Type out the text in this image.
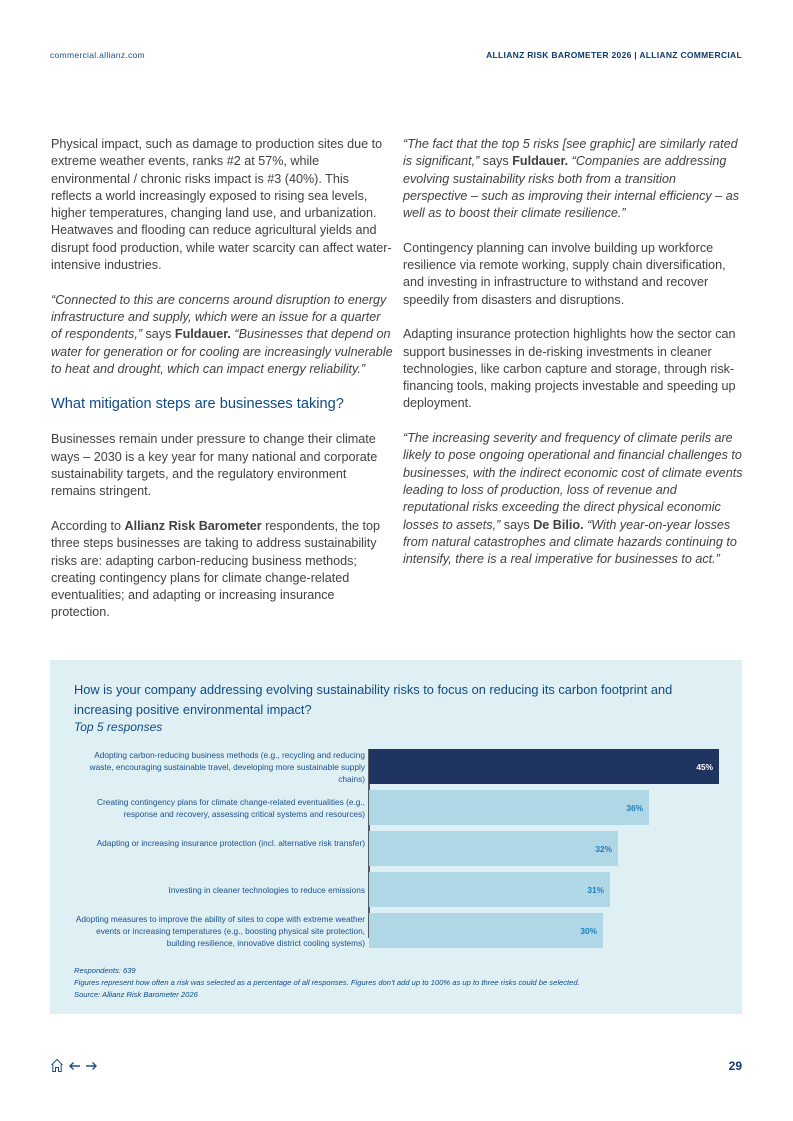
commercial.allianz.com	ALLIANZ RISK BAROMETER 2026 | ALLIANZ COMMERCIAL

Physical impact, such as damage to production sites due to extreme weather events, ranks #2 at 57%, while environmental / chronic risks impact is #3 (40%). This reflects a world increasingly exposed to rising sea levels, higher temperatures, changing land use, and urbanization. Heatwaves and flooding can reduce agricultural yields and disrupt food production, while water scarcity can affect water-intensive industries.

“Connected to this are concerns around disruption to energy infrastructure and supply, which were an issue for a quarter of respondents,” says Fuldauer. “Businesses that depend on water for generation or for cooling are increasingly vulnerable to heat and drought, which can impact energy reliability.”

What mitigation steps are businesses taking?

Businesses remain under pressure to change their climate ways – 2030 is a key year for many national and corporate sustainability targets, and the regulatory environment remains stringent.

According to Allianz Risk Barometer respondents, the top three steps businesses are taking to address sustainability risks are: adapting carbon-reducing business methods; creating contingency plans for climate change-related eventualities; and adapting or increasing insurance protection.

“The fact that the top 5 risks [see graphic] are similarly rated is significant,” says Fuldauer. “Companies are addressing evolving sustainability risks both from a transition perspective – such as improving their internal efficiency – as well as to boost their climate resilience.”

Contingency planning can involve building up workforce resilience via remote working, supply chain diversification, and investing in infrastructure to withstand and recover speedily from disasters and disruptions.

Adapting insurance protection highlights how the sector can support businesses in de-risking investments in cleaner technologies, like carbon capture and storage, through risk-financing tools, making projects investable and speeding up deployment.

“The increasing severity and frequency of climate perils are likely to pose ongoing operational and financial challenges to businesses, with the indirect economic cost of climate events leading to loss of production, loss of revenue and reputational risks exceeding the direct physical economic losses to assets,” says De Bilio. “With year-on-year losses from natural catastrophes and climate hazards continuing to intensify, there is a real imperative for businesses to act.”

How is your company addressing evolving sustainability risks to focus on reducing its carbon footprint and increasing positive environmental impact?
Top 5 responses
Adopting carbon-reducing business methods (e.g., recycling and reducing waste, encouraging sustainable travel, developing more sustainable supply chains)
45%
Creating contingency plans for climate change-related eventualities (e.g., response and recovery, assessing critical systems and resources)
36%
Adapting or increasing insurance protection (incl. alternative risk transfer)
32%
Investing in cleaner technologies to reduce emissions	31%
Adopting measures to improve the ability of sites to cope with extreme weather events or increasing temperatures (e.g., boosting physical site protection, building resilience, innovative district cooling systems)
30%
Respondents: 639
Figures represent how often a risk was selected as a percentage of all responses. Figures don’t add up to 100% as up to three risks could be selected.
Source: Allianz Risk Barometer 2026
29
